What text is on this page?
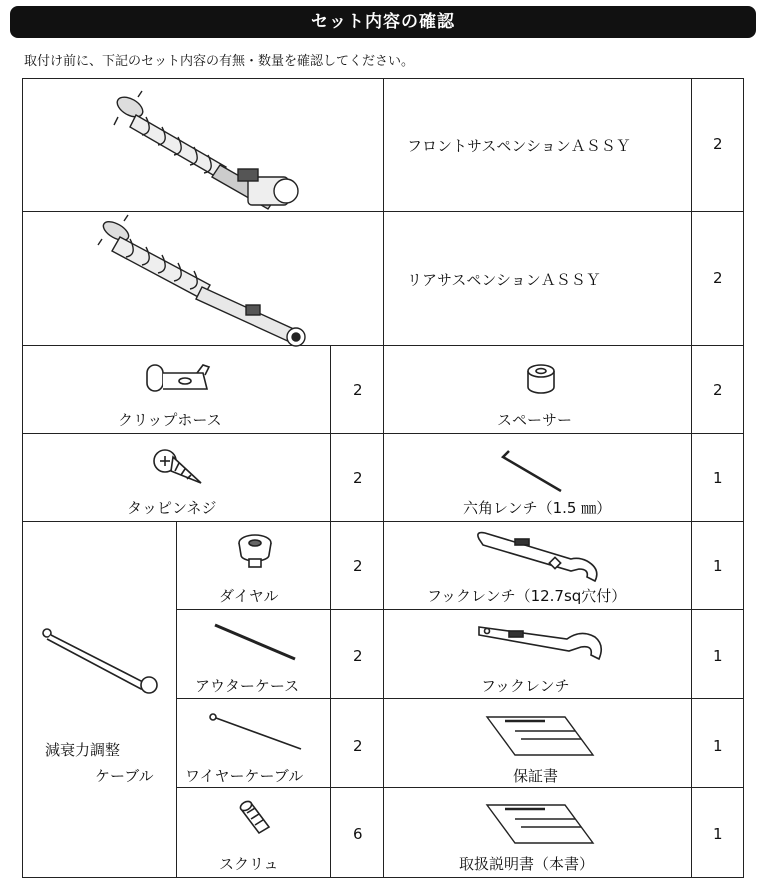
セット内容の確認
取付け前に、下記のセット内容の有無・数量を確認してください。
フロントサスペンションＡＳＳＹ	2
リアサスペンションＡＳＳＹ	2
クリップホース
2
スペーサー
2
タッピンネジ
2
六角レンチ（1.5 ㎜）
1
減衰力調整
ケーブル
ダイヤル
2
フックレンチ（12.7sq穴付）
1
アウターケース
2
フックレンチ
1
ワイヤーケーブル
2
保証書
1
スクリュ
6
取扱説明書（本書）
1
